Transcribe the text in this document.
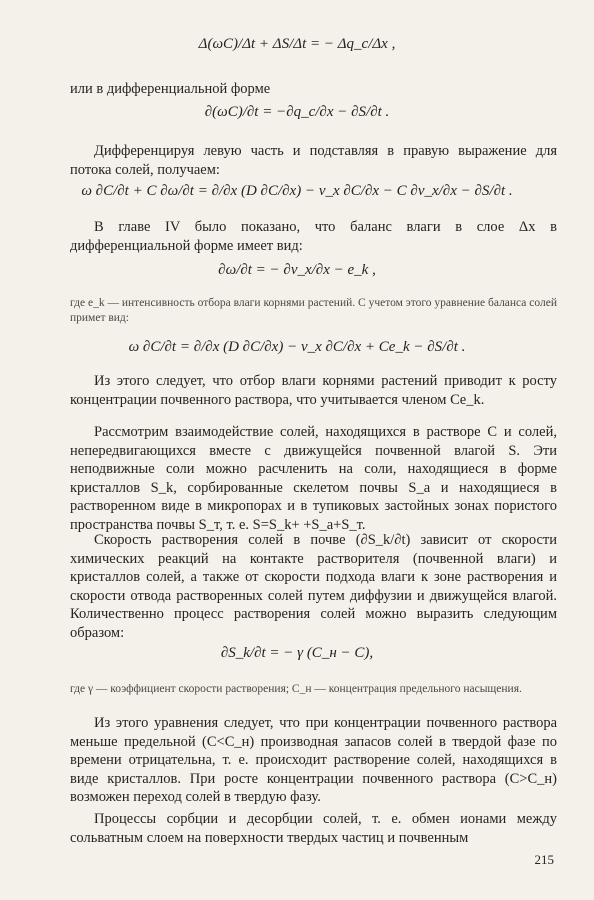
Δ(ωC)/Δt + ΔS/Δt = − Δq_c/Δx ,

или в дифференциальной форме

∂(ωC)/∂t = −∂q_c/∂x − ∂S/∂t .

Дифференцируя левую часть и подставляя в правую выражение для потока солей, получаем:

ω ∂C/∂t + C ∂ω/∂t = ∂/∂x (D ∂C/∂x) − v_x ∂C/∂x − C ∂v_x/∂x − ∂S/∂t .

В главе IV было показано, что баланс влаги в слое Δx в дифференциальной форме имеет вид:

∂ω/∂t = − ∂v_x/∂x − e_k ,

где e_k — интенсивность отбора влаги корнями растений. С учетом этого уравнение баланса солей примет вид:

ω ∂C/∂t = ∂/∂x (D ∂C/∂x) − v_x ∂C/∂x + Ce_k − ∂S/∂t .

Из этого следует, что отбор влаги корнями растений приводит к росту концентрации почвенного раствора, что учитывается членом Ce_k.

Рассмотрим взаимодействие солей, находящихся в растворе C и солей, непередвигающихся вместе с движущейся почвенной влагой S. Эти неподвижные соли можно расчленить на соли, находящиеся в форме кристаллов S_k, сорбированные скелетом почвы S_a и находящиеся в растворенном виде в микропорах и в тупиковых застойных зонах пористого пространства почвы S_т, т. е. S=S_k+ +S_a+S_т.

Скорость растворения солей в почве (∂S_k/∂t) зависит от скорости химических реакций на контакте растворителя (почвенной влаги) и кристаллов солей, а также от скорости подхода влаги к зоне растворения и скорости отвода растворенных солей путем диффузии и движущейся влагой. Количественно процесс растворения солей можно выразить следующим образом:

∂S_k/∂t = − γ (C_н − C),

где γ — коэффициент скорости растворения; C_н — концентрация предельного насыщения.

Из этого уравнения следует, что при концентрации почвенного раствора меньше предельной (C<C_н) производная запасов солей в твердой фазе по времени отрицательна, т. е. происходит растворение солей, находящихся в виде кристаллов. При росте концентрации почвенного раствора (C>C_н) возможен переход солей в твердую фазу.

Процессы сорбции и десорбции солей, т. е. обмен ионами между сольватным слоем на поверхности твердых частиц и почвенным

215
